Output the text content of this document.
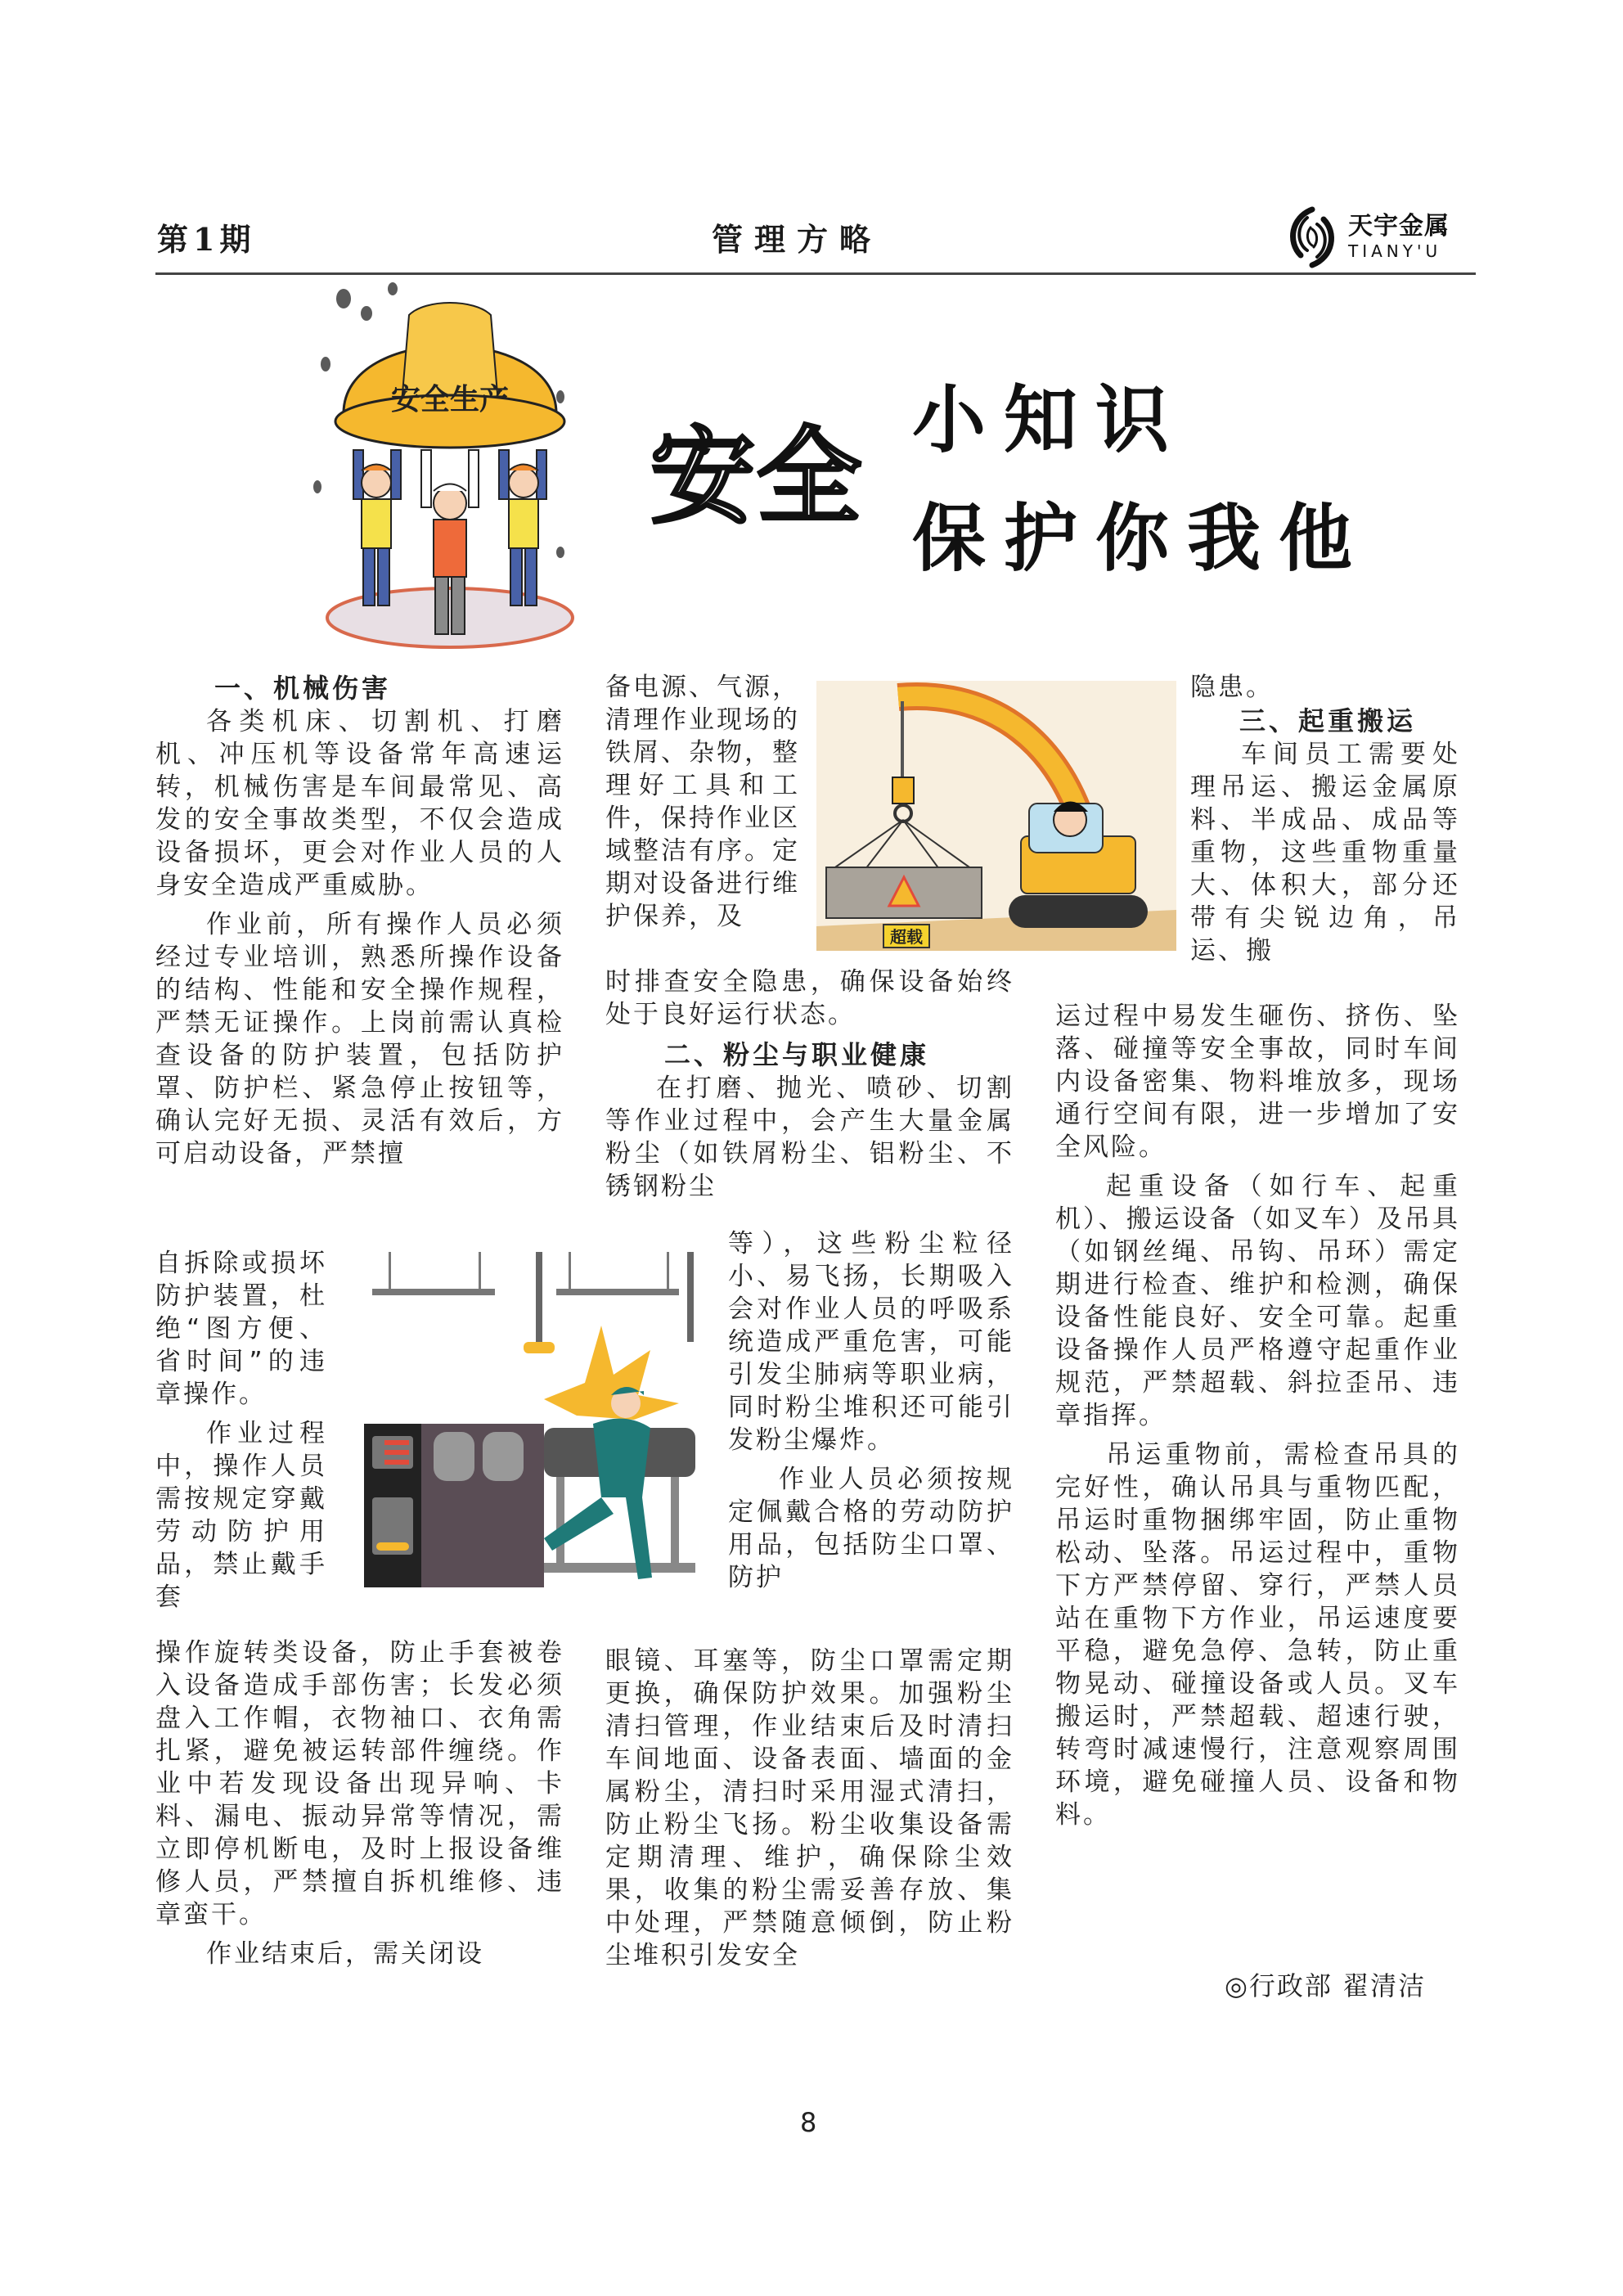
第1期	管理方略	天宇金属
TIANY'U
安全生产
安全 小知识
保护你我他

一、机械伤害

各类机床、切割机、打磨机、冲压机等设备常年高速运转，机械伤害是车间最常见、高发的安全事故类型，不仅会造成设备损坏，更会对作业人员的人身安全造成严重威胁。

作业前，所有操作人员必须经过专业培训，熟悉所操作设备的结构、性能和安全操作规程，严禁无证操作。上岗前需认真检查设备的防护装置，包括防护罩、防护栏、紧急停止按钮等，确认完好无损、灵活有效后，方可启动设备，严禁擅

自拆除或损坏防护装置，杜绝“图方便、省时间”的违章操作。

作业过程中，操作人员需按规定穿戴劳动防护用品，禁止戴手套

操作旋转类设备，防止手套被卷入设备造成手部伤害；长发必须盘入工作帽，衣物袖口、衣角需扎紧，避免被运转部件缠绕。作业中若发现设备出现异响、卡料、漏电、振动异常等情况，需立即停机断电，及时上报设备维修人员，严禁擅自拆机维修、违章蛮干。

作业结束后，需关闭设

备电源、气源，清理作业现场的铁屑、杂物，整理好工具和工件，保持作业区域整洁有序。定期对设备进行维护保养，及

时排查安全隐患，确保设备始终处于良好运行状态。

二、粉尘与职业健康

在打磨、抛光、喷砂、切割等作业过程中，会产生大量金属粉尘（如铁屑粉尘、铝粉尘、不锈钢粉尘

等），这些粉尘粒径小、易飞扬，长期吸入会对作业人员的呼吸系统造成严重危害，可能引发尘肺病等职业病，同时粉尘堆积还可能引发粉尘爆炸。

作业人员必须按规定佩戴合格的劳动防护用品，包括防尘口罩、防护

眼镜、耳塞等，防尘口罩需定期更换，确保防护效果。加强粉尘清扫管理，作业结束后及时清扫车间地面、设备表面、墙面的金属粉尘，清扫时采用湿式清扫，防止粉尘飞扬。粉尘收集设备需定期清理、维护，确保除尘效果，收集的粉尘需妥善存放、集中处理，严禁随意倾倒，防止粉尘堆积引发安全

超载

隐患。

三、起重搬运

车间员工需要处理吊运、搬运金属原料、半成品、成品等重物，这些重物重量大、体积大，部分还带有尖锐边角，吊运、搬

运过程中易发生砸伤、挤伤、坠落、碰撞等安全事故，同时车间内设备密集、物料堆放多，现场通行空间有限，进一步增加了安全风险。

起重设备（如行车、起重机）、搬运设备（如叉车）及吊具（如钢丝绳、吊钩、吊环）需定期进行检查、维护和检测，确保设备性能良好、安全可靠。起重设备操作人员严格遵守起重作业规范，严禁超载、斜拉歪吊、违章指挥。

吊运重物前，需检查吊具的完好性，确认吊具与重物匹配，吊运时重物捆绑牢固，防止重物松动、坠落。吊运过程中，重物下方严禁停留、穿行，严禁人员站在重物下方作业，吊运速度要平稳，避免急停、急转，防止重物晃动、碰撞设备或人员。叉车搬运时，严禁超载、超速行驶，转弯时减速慢行，注意观察周围环境，避免碰撞人员、设备和物料。

◎行政部 翟清洁
8
